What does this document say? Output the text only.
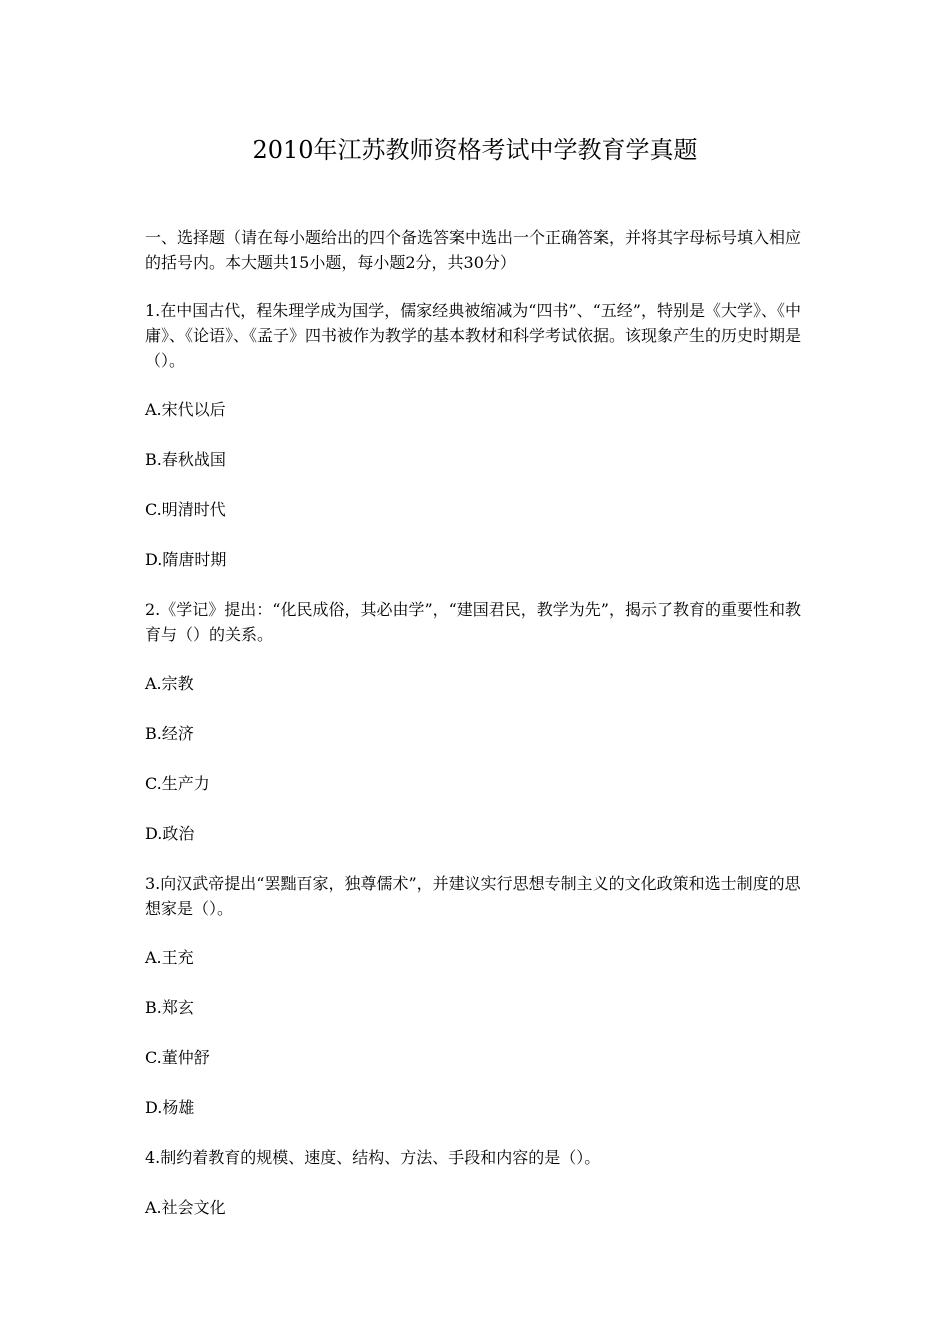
2010年江苏教师资格考试中学教育学真题

一、选择题（请在每小题给出的四个备选答案中选出一个正确答案，并将其字母标号填入相应的括号内。本大题共15小题，每小题2分，共30分）

1.在中国古代，程朱理学成为国学，儒家经典被缩减为“四书”、“五经”，特别是《大学》、《中庸》、《论语》、《孟子》四书被作为教学的基本教材和科学考试依据。该现象产生的历史时期是（）。

A.宋代以后

B.春秋战国

C.明清时代

D.隋唐时期

2.《学记》提出：“化民成俗，其必由学”，“建国君民，教学为先”，揭示了教育的重要性和教育与（）的关系。

A.宗教

B.经济

C.生产力

D.政治

3.向汉武帝提出“罢黜百家，独尊儒术”，并建议实行思想专制主义的文化政策和选士制度的思想家是（）。

A.王充

B.郑玄

C.董仲舒

D.杨雄

4.制约着教育的规模、速度、结构、方法、手段和内容的是（）。

A.社会文化
